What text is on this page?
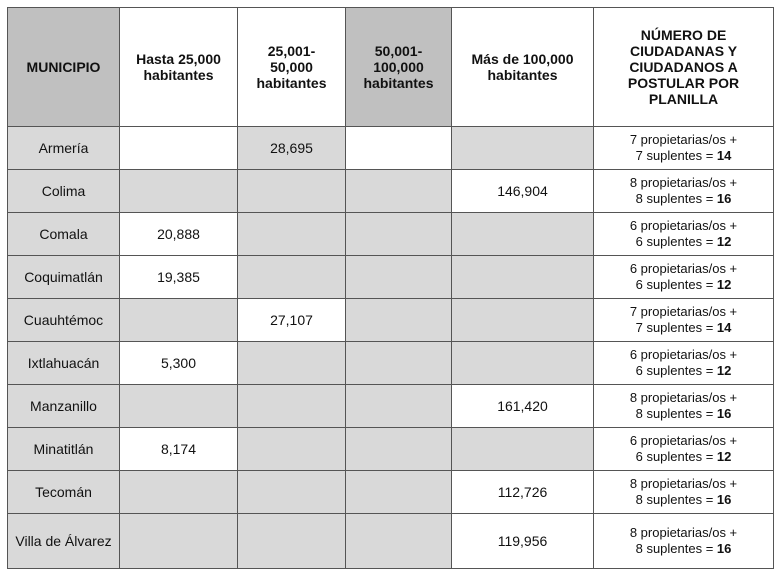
MUNICIPIO	Hasta 25,000 habitantes	25,001- 50,000 habitantes	50,001- 100,000 habitantes	Más de 100,000 habitantes	NÚMERO DE CIUDADANAS Y CIUDADANOS A POSTULAR POR PLANILLA

Armería		28,695			7 propietarias/os +
7 suplentes = 14

Colima				146,904	8 propietarias/os +
8 suplentes = 16

Comala	20,888				6 propietarias/os +
6 suplentes = 12

Coquimatlán	19,385				6 propietarias/os +
6 suplentes = 12

Cuauhtémoc		27,107			7 propietarias/os +
7 suplentes = 14

Ixtlahuacán	5,300				6 propietarias/os +
6 suplentes = 12

Manzanillo				161,420	8 propietarias/os +
8 suplentes = 16

Minatitlán	8,174				6 propietarias/os +
6 suplentes = 12

Tecomán				112,726	8 propietarias/os +
8 suplentes = 16

Villa de Álvarez				119,956	8 propietarias/os +
8 suplentes = 16
